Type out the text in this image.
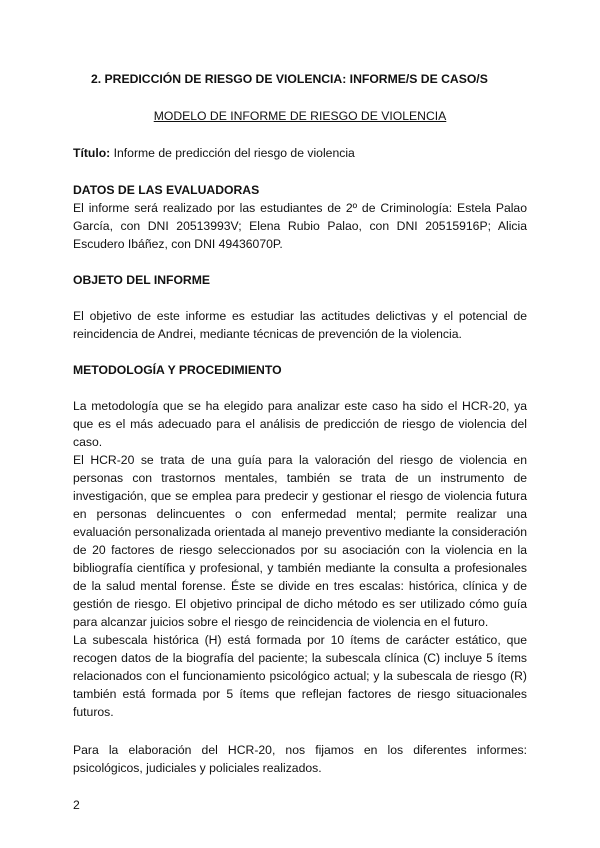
2. PREDICCIÓN DE RIESGO DE VIOLENCIA: INFORME/S DE CASO/S
MODELO DE INFORME DE RIESGO DE VIOLENCIA
Título: Informe de predicción del riesgo de violencia
DATOS DE LAS EVALUADORAS

El informe será realizado por las estudiantes de 2º de Criminología: Estela Palao García, con DNI 20513993V; Elena Rubio Palao, con DNI 20515916P; Alicia Escudero Ibáñez, con DNI 49436070P.

OBJETO DEL INFORME

El objetivo de este informe es estudiar las actitudes delictivas y el potencial de reincidencia de Andrei, mediante técnicas de prevención de la violencia.

METODOLOGÍA Y PROCEDIMIENTO

La metodología que se ha elegido para analizar este caso ha sido el HCR-20, ya que es el más adecuado para el análisis de predicción de riesgo de violencia del caso.

El HCR-20 se trata de una guía para la valoración del riesgo de violencia en personas con trastornos mentales, también se trata de un instrumento de investigación, que se emplea para predecir y gestionar el riesgo de violencia futura en personas delincuentes o con enfermedad mental; permite realizar una evaluación personalizada orientada al manejo preventivo mediante la consideración de 20 factores de riesgo seleccionados por su asociación con la violencia en la bibliografía científica y profesional, y también mediante la consulta a profesionales de la salud mental forense. Éste se divide en tres escalas: histórica, clínica y de gestión de riesgo. El objetivo principal de dicho método es ser utilizado cómo guía para alcanzar juicios sobre el riesgo de reincidencia de violencia en el futuro.

La subescala histórica (H) está formada por 10 ítems de carácter estático, que recogen datos de la biografía del paciente; la subescala clínica (C) incluye 5 ítems relacionados con el funcionamiento psicológico actual; y la subescala de riesgo (R) también está formada por 5 ítems que reflejan factores de riesgo situacionales futuros.

Para la elaboración del HCR-20, nos fijamos en los diferentes informes: psicológicos, judiciales y policiales realizados.

2
